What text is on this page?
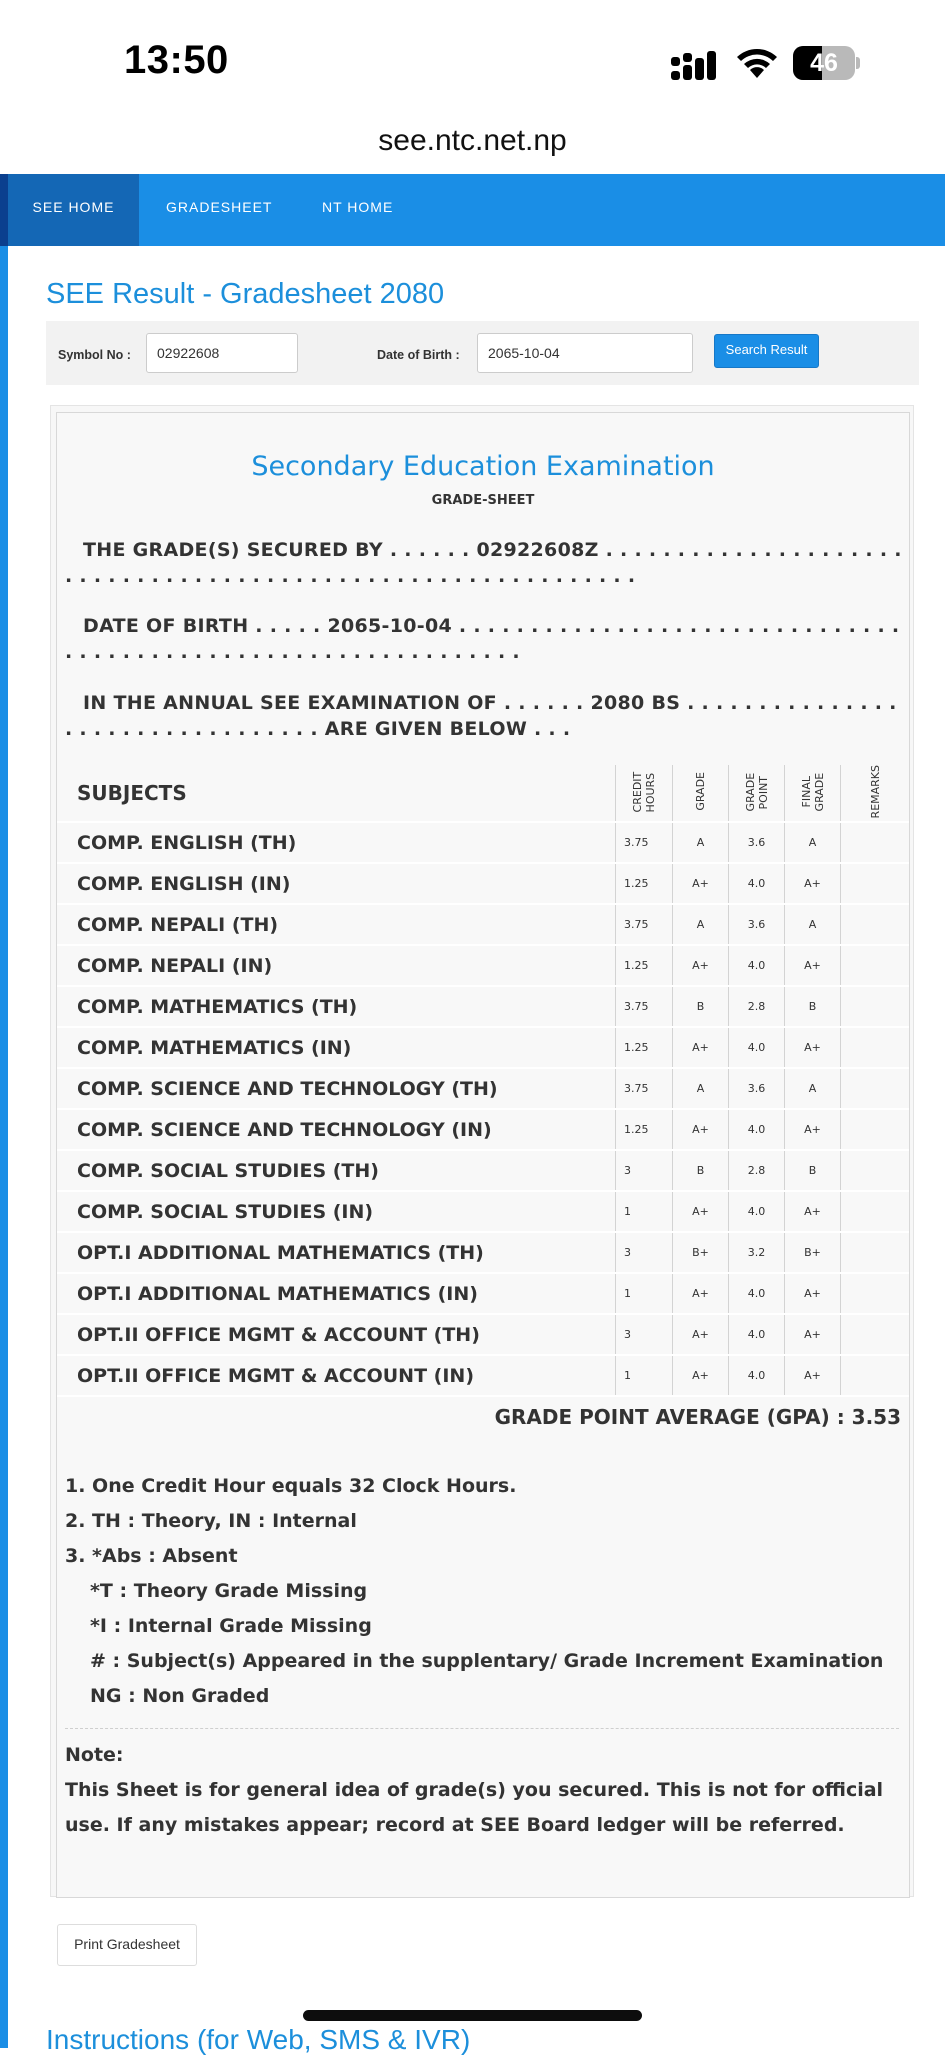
13:50	46
see.ntc.net.np
SEE HOME	GRADESHEET	NT HOME
SEE Result - Gradesheet 2080
Symbol No :	02922608	Date of Birth :	2065-10-04	Search Result
Secondary Education Examination
GRADE-SHEET
THE GRADE(S) SECURED BY . . . . . . 02922608Z . . . . . . . . . . . . . . . . . . . . . . . . . . . . . . . . . . . . . . . . . . . . . . . . . . . . . . . . . . . . .
DATE OF BIRTH . . . . . 2065-10-04 . . . . . . . . . . . . . . . . . . . . . . . . . . . . . . . . . . . . . . . . . . . . . . . . . . . . . . . . . . . . . . .
IN THE ANNUAL SEE EXAMINATION OF . . . . . . 2080 BS . . . . . . . . . . . . . . . . . . . . . . . . . . . . . . . . . ARE GIVEN BELOW . . .
SUBJECTS	CREDIT HOURS	GRADE	GRADE POINT	FINAL GRADE	REMARKS
COMP. ENGLISH (TH)	3.75	A	3.6	A	
COMP. ENGLISH (IN)	1.25	A+	4.0	A+	
COMP. NEPALI (TH)	3.75	A	3.6	A	
COMP. NEPALI (IN)	1.25	A+	4.0	A+	
COMP. MATHEMATICS (TH)	3.75	B	2.8	B	
COMP. MATHEMATICS (IN)	1.25	A+	4.0	A+	
COMP. SCIENCE AND TECHNOLOGY (TH)	3.75	A	3.6	A	
COMP. SCIENCE AND TECHNOLOGY (IN)	1.25	A+	4.0	A+	
COMP. SOCIAL STUDIES (TH)	3	B	2.8	B	
COMP. SOCIAL STUDIES (IN)	1	A+	4.0	A+	
OPT.I ADDITIONAL MATHEMATICS (TH)	3	B+	3.2	B+	
OPT.I ADDITIONAL MATHEMATICS (IN)	1	A+	4.0	A+	
OPT.II OFFICE MGMT & ACCOUNT (TH)	3	A+	4.0	A+	
OPT.II OFFICE MGMT & ACCOUNT (IN)	1	A+	4.0	A+	
GRADE POINT AVERAGE (GPA) : 3.53
1. One Credit Hour equals 32 Clock Hours.
2. TH : Theory, IN : Internal
3. *Abs : Absent
*T : Theory Grade Missing
*I : Internal Grade Missing
# : Subject(s) Appeared in the supplentary/ Grade Increment Examination
NG : Non Graded
Note:
This Sheet is for general idea of grade(s) you secured. This is not for official use. If any mistakes appear; record at SEE Board ledger will be referred.
Print Gradesheet
Instructions (for Web, SMS & IVR)
